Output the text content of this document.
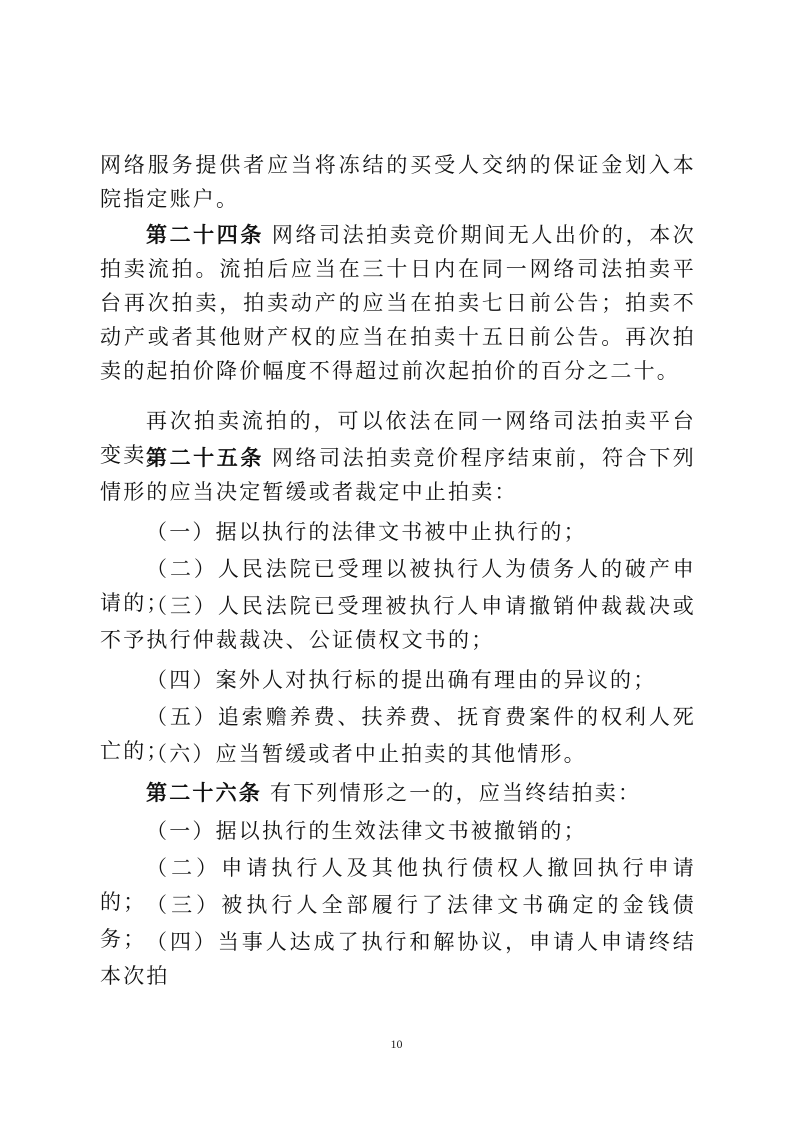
网络服务提供者应当将冻结的买受人交纳的保证金划入本院指定账户。

第二十四条 网络司法拍卖竞价期间无人出价的，本次拍卖流拍。流拍后应当在三十日内在同一网络司法拍卖平台再次拍卖，拍卖动产的应当在拍卖七日前公告；拍卖不动产或者其他财产权的应当在拍卖十五日前公告。再次拍卖的起拍价降价幅度不得超过前次起拍价的百分之二十。

再次拍卖流拍的，可以依法在同一网络司法拍卖平台变卖。

第二十五条 网络司法拍卖竞价程序结束前，符合下列情形的应当决定暂缓或者裁定中止拍卖：

（一）据以执行的法律文书被中止执行的；

（二）人民法院已受理以被执行人为债务人的破产申请的；

（三）人民法院已受理被执行人申请撤销仲裁裁决或不予执行仲裁裁决、公证债权文书的；

（四）案外人对执行标的提出确有理由的异议的；

（五）追索赡养费、扶养费、抚育费案件的权利人死亡的；

（六）应当暂缓或者中止拍卖的其他情形。

第二十六条 有下列情形之一的，应当终结拍卖：

（一）据以执行的生效法律文书被撤销的；

（二）申请执行人及其他执行债权人撤回执行申请的； （三）被执行人全部履行了法律文书确定的金钱债务； （四）当事人达成了执行和解协议，申请人申请终结本次拍

10
